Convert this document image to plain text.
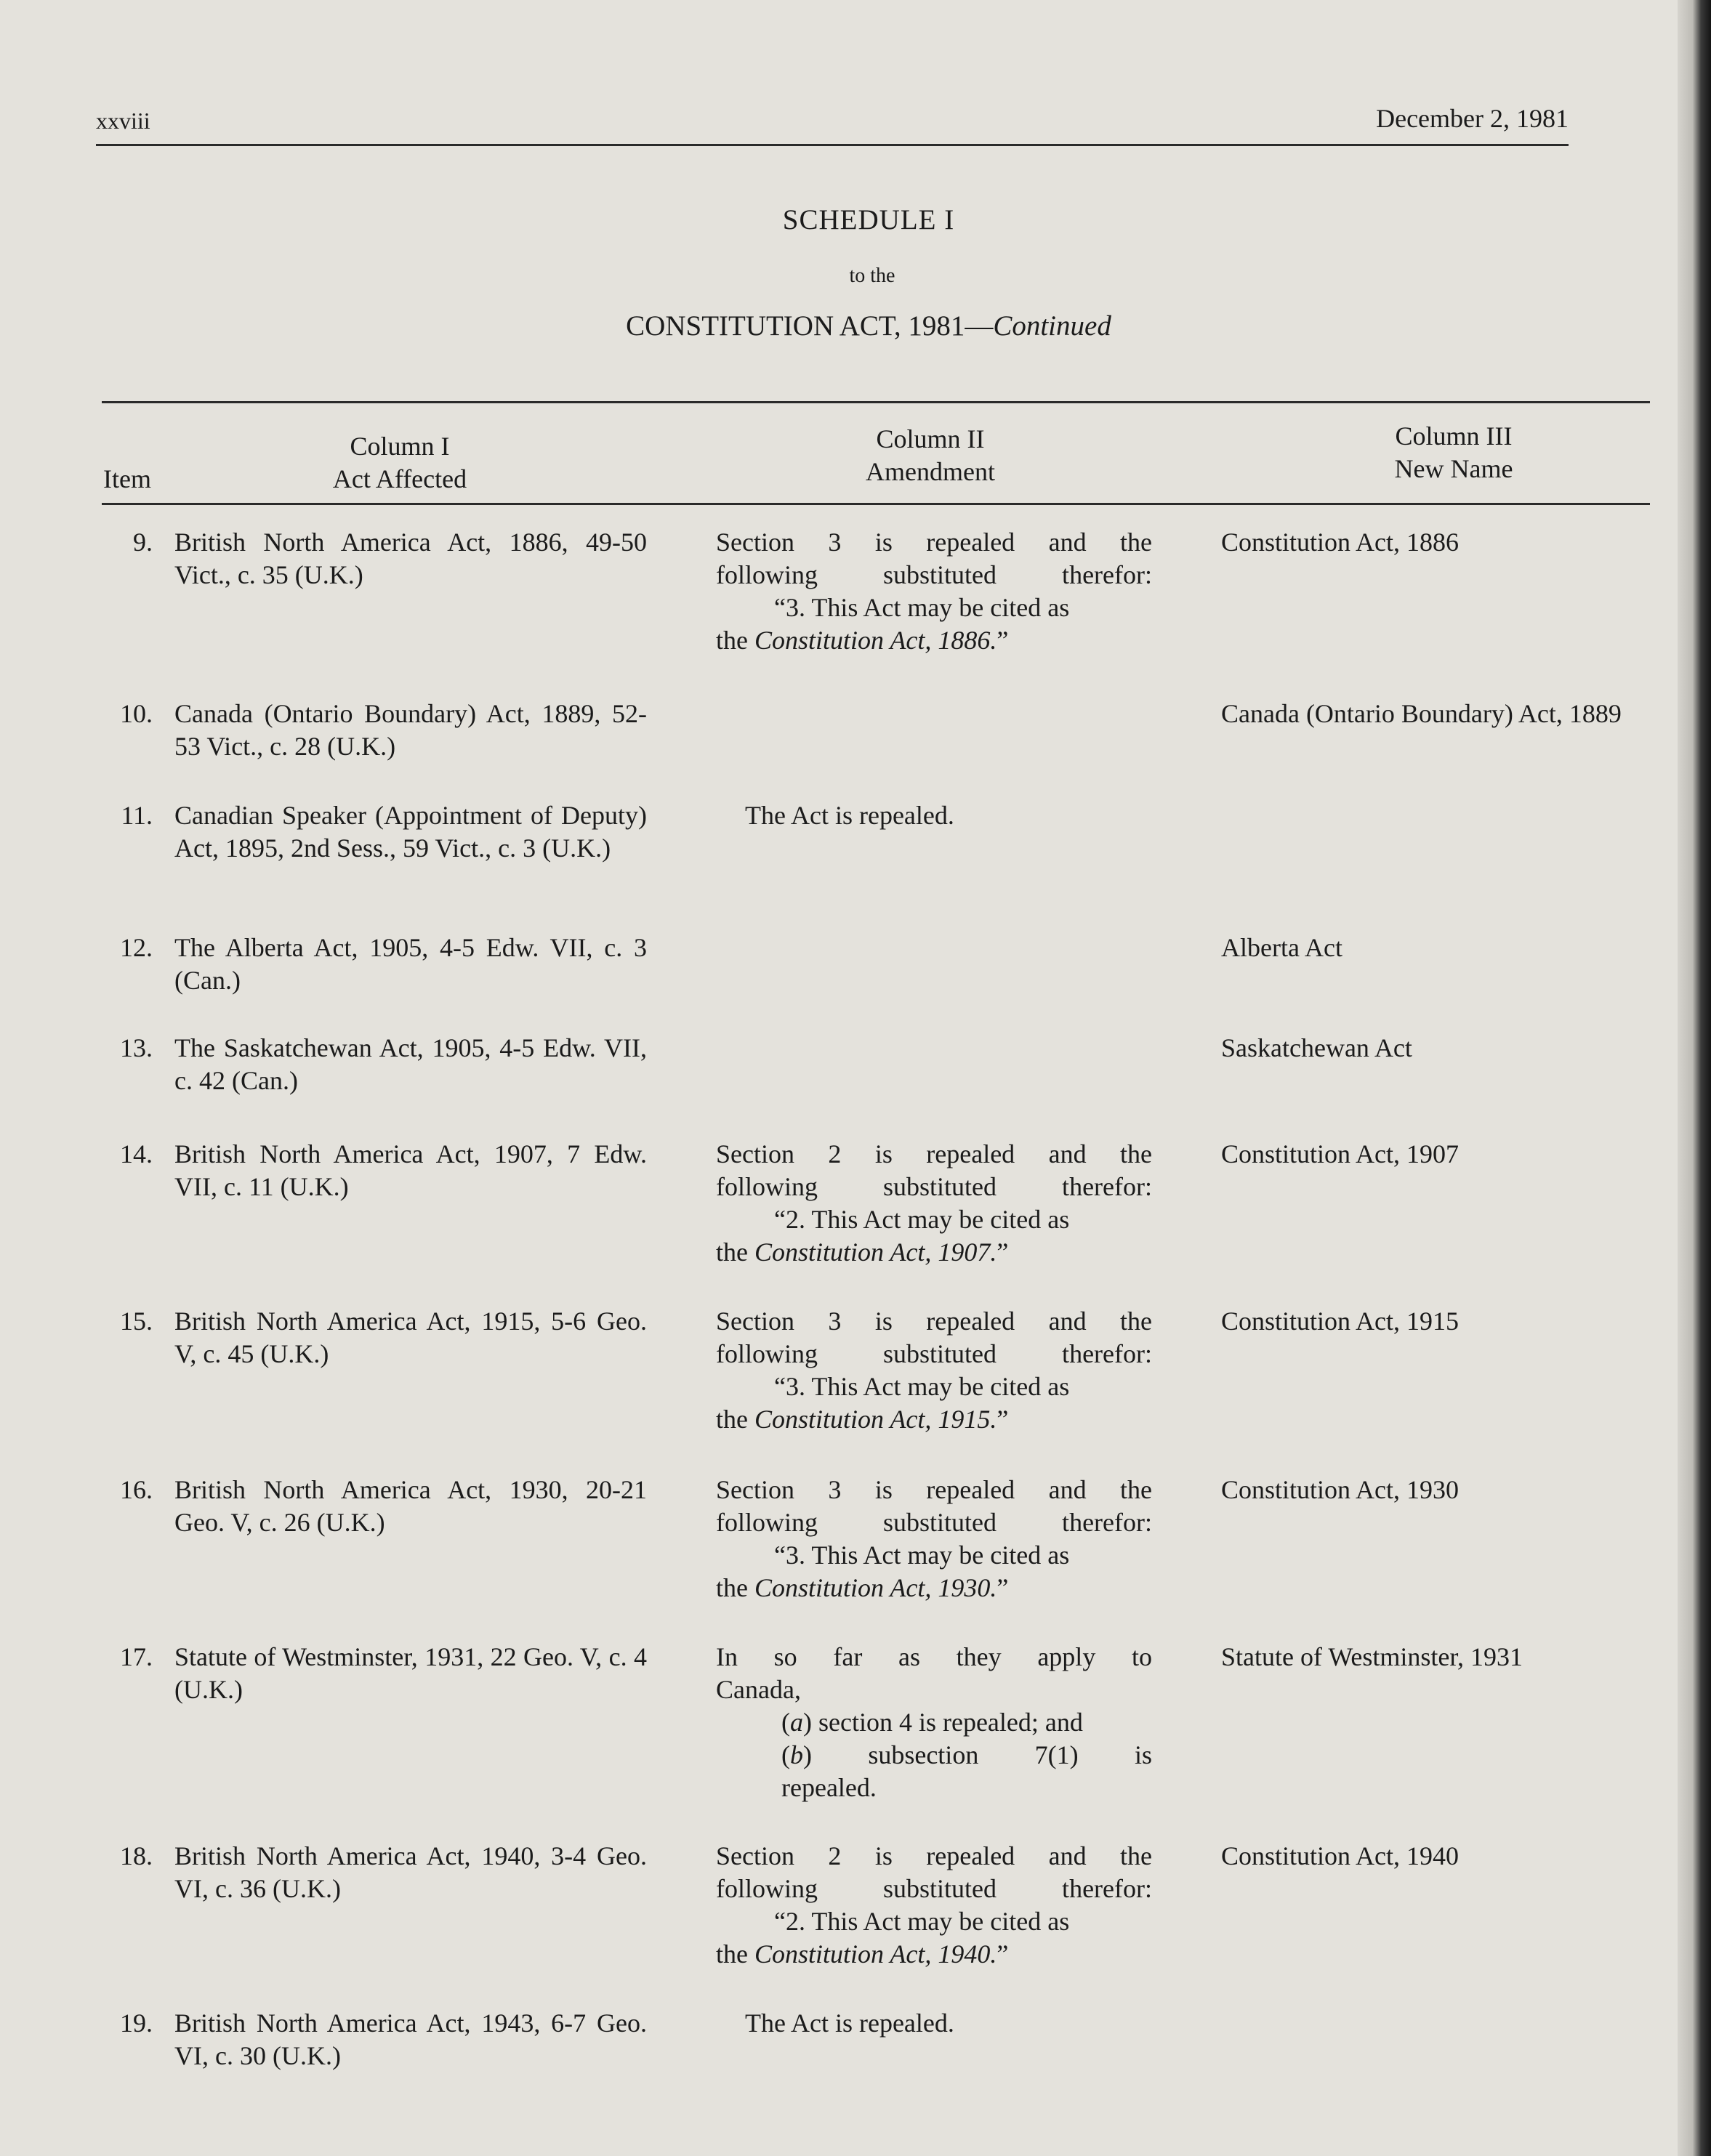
xxviii	December 2, 1981
SCHEDULE I
to the
CONSTITUTION ACT, 1981—Continued
Item
Column I
Act Affected
Column II
Amendment
Column III
New Name
9. British North America Act, 1886, 49-50 Vict., c. 35 (U.K.)
Section 3 is repealed and the
following substituted therefor:
“3. This Act may be cited as
the Constitution Act, 1886.”
Constitution Act, 1886
10. Canada (Ontario Boundary) Act, 1889, 52-53 Vict., c. 28 (U.K.)
Canada (Ontario Boundary) Act, 1889
11. Canadian Speaker (Appointment of Deputy) Act, 1895, 2nd Sess., 59 Vict., c. 3 (U.K.)
The Act is repealed.
12. The Alberta Act, 1905, 4-5 Edw. VII, c. 3 (Can.)
Alberta Act
13. The Saskatchewan Act, 1905, 4-5 Edw. VII, c. 42 (Can.)
Saskatchewan Act
14. British North America Act, 1907, 7 Edw. VII, c. 11 (U.K.)
Section 2 is repealed and the
following substituted therefor:
“2. This Act may be cited as
the Constitution Act, 1907.”
Constitution Act, 1907
15. British North America Act, 1915, 5-6 Geo. V, c. 45 (U.K.)
Section 3 is repealed and the
following substituted therefor:
“3. This Act may be cited as
the Constitution Act, 1915.”
Constitution Act, 1915
16. British North America Act, 1930, 20-21 Geo. V, c. 26 (U.K.)
Section 3 is repealed and the
following substituted therefor:
“3. This Act may be cited as
the Constitution Act, 1930.”
Constitution Act, 1930
17. Statute of Westminster, 1931, 22 Geo. V, c. 4 (U.K.)
In so far as they apply to
Canada,
(a) section 4 is repealed; and
(b) subsection 7(1) is
repealed.
Statute of Westminster, 1931
18. British North America Act, 1940, 3-4 Geo. VI, c. 36 (U.K.)
Section 2 is repealed and the
following substituted therefor:
“2. This Act may be cited as
the Constitution Act, 1940.”
Constitution Act, 1940
19. British North America Act, 1943, 6-7 Geo. VI, c. 30 (U.K.)
The Act is repealed.
